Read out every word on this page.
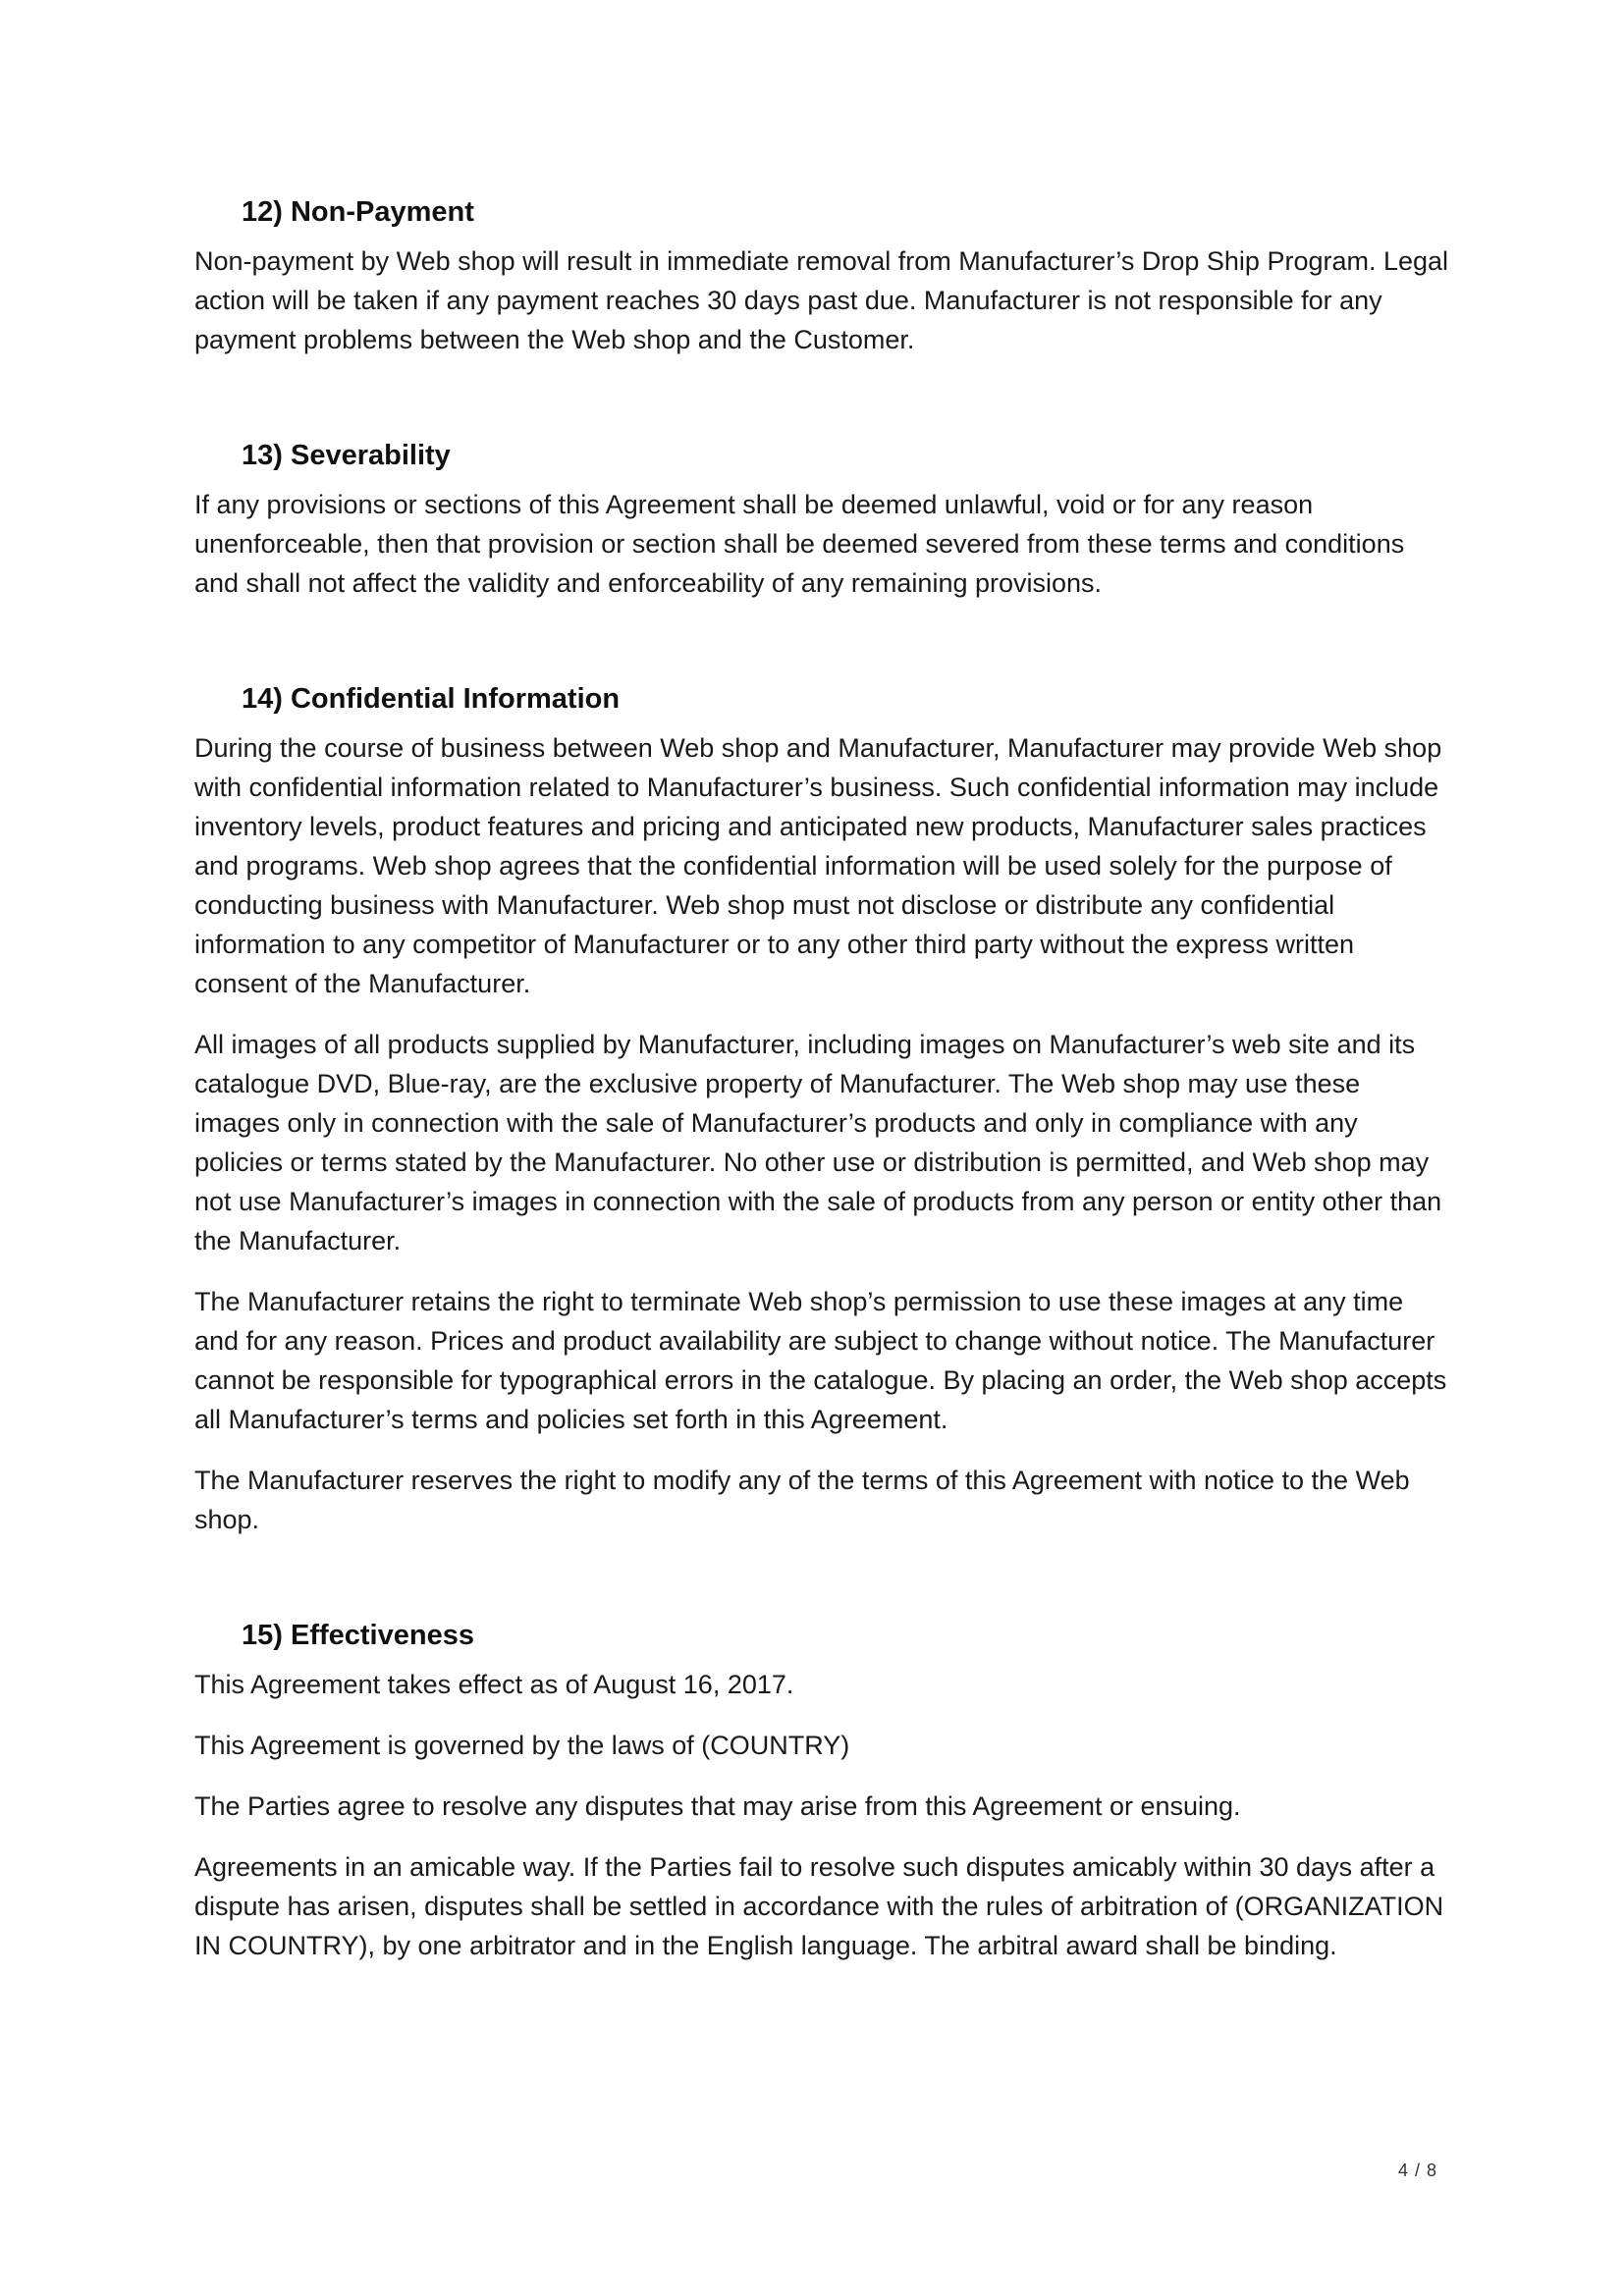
12) Non-Payment

Non-payment by Web shop will result in immediate removal from Manufacturer’s Drop Ship Program. Legal action will be taken if any payment reaches 30 days past due. Manufacturer is not responsible for any payment problems between the Web shop and the Customer.

13) Severability

If any provisions or sections of this Agreement shall be deemed unlawful, void or for any reason unenforceable, then that provision or section shall be deemed severed from these terms and conditions and shall not affect the validity and enforceability of any remaining provisions.

14) Confidential Information

During the course of business between Web shop and Manufacturer, Manufacturer may provide Web shop with confidential information related to Manufacturer’s business. Such confidential information may include inventory levels, product features and pricing and anticipated new products, Manufacturer sales practices and programs. Web shop agrees that the confidential information will be used solely for the purpose of conducting business with Manufacturer. Web shop must not disclose or distribute any confidential information to any competitor of Manufacturer or to any other third party without the express written consent of the Manufacturer.

All images of all products supplied by Manufacturer, including images on Manufacturer’s web site and its catalogue DVD, Blue-ray, are the exclusive property of Manufacturer. The Web shop may use these images only in connection with the sale of Manufacturer’s products and only in compliance with any policies or terms stated by the Manufacturer. No other use or distribution is permitted, and Web shop may not use Manufacturer’s images in connection with the sale of products from any person or entity other than the Manufacturer.

The Manufacturer retains the right to terminate Web shop’s permission to use these images at any time and for any reason. Prices and product availability are subject to change without notice. The Manufacturer cannot be responsible for typographical errors in the catalogue. By placing an order, the Web shop accepts all Manufacturer’s terms and policies set forth in this Agreement.

The Manufacturer reserves the right to modify any of the terms of this Agreement with notice to the Web shop.

15) Effectiveness

This Agreement takes effect as of August 16, 2017.

This Agreement is governed by the laws of (COUNTRY)

The Parties agree to resolve any disputes that may arise from this Agreement or ensuing.

Agreements in an amicable way. If the Parties fail to resolve such disputes amicably within 30 days after a dispute has arisen, disputes shall be settled in accordance with the rules of arbitration of (ORGANIZATION IN COUNTRY), by one arbitrator and in the English language. The arbitral award shall be binding.

4 / 8
